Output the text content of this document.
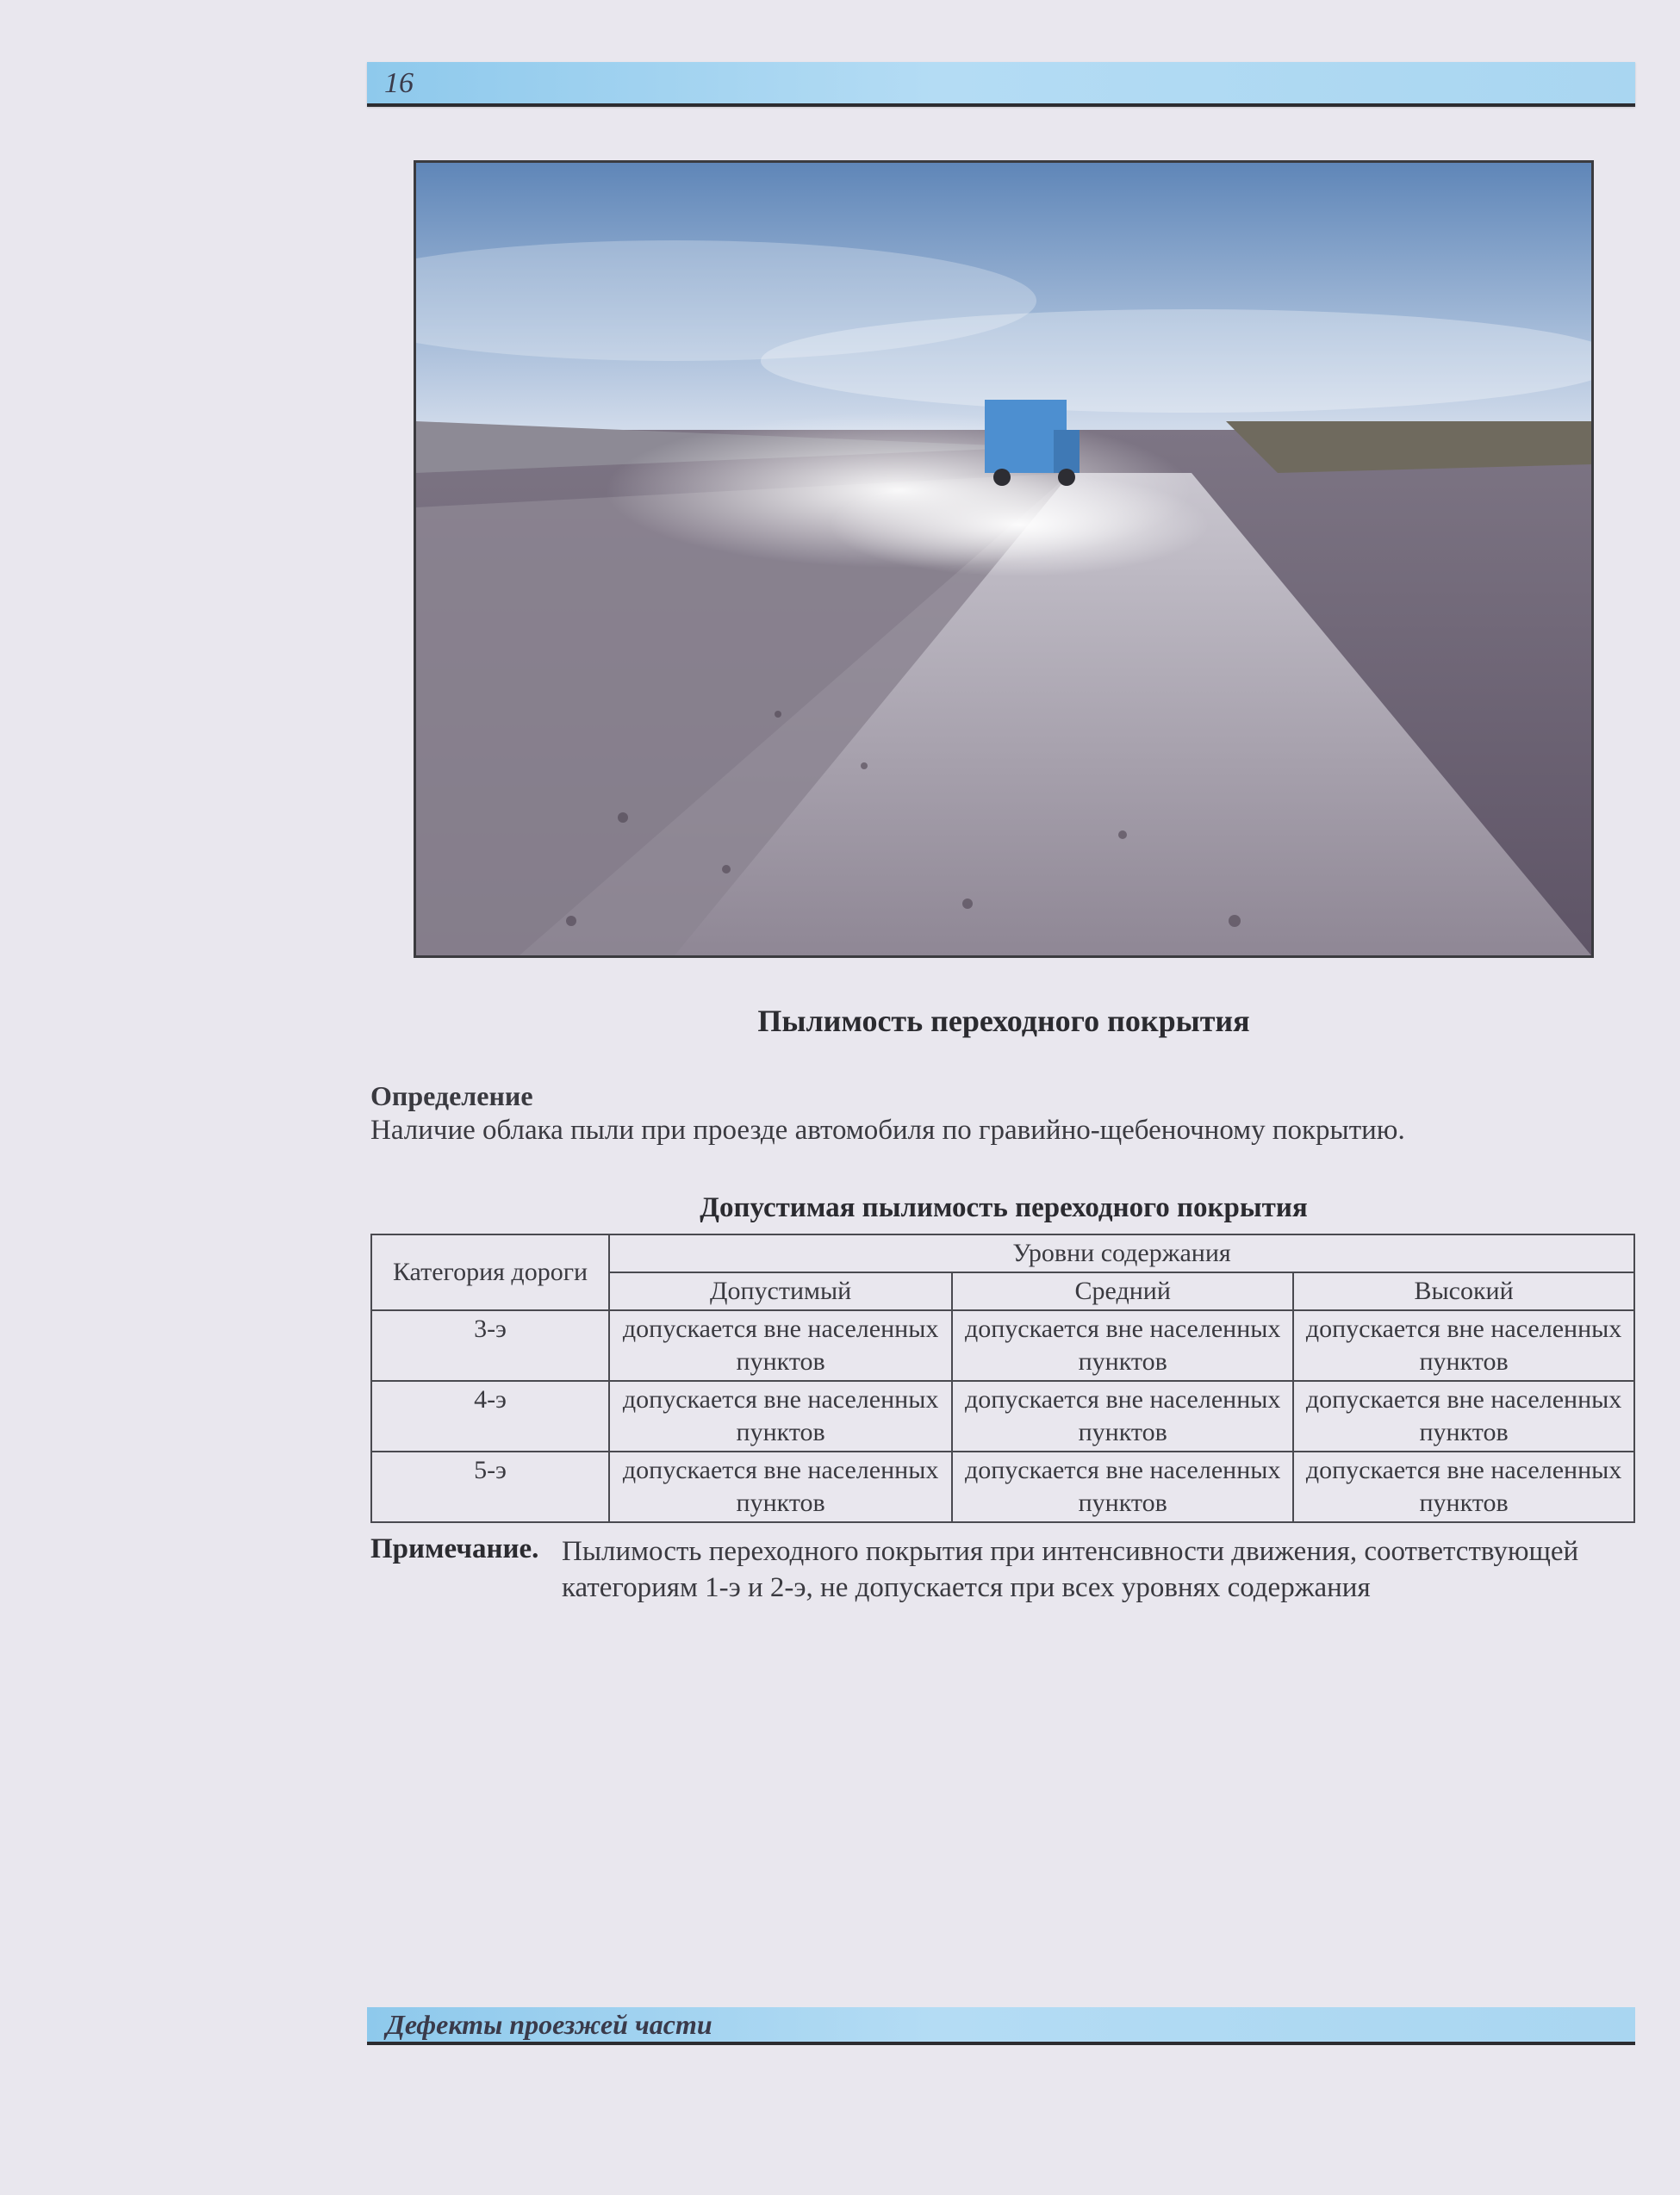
16
Пылимость переходного покрытия
Определение
Наличие облака пыли при проезде автомобиля по гравийно-щебеночному покрытию.
Допустимая пылимость переходного покрытия
Категория дороги	Уровни содержания		
	Допустимый	Средний	Высокий
3-э	допускается вне населенных пунктов	допускается вне населенных пунктов	допускается вне населенных пунктов
4-э	допускается вне населенных пунктов	допускается вне населенных пунктов	допускается вне населенных пунктов
5-э	допускается вне населенных пунктов	допускается вне населенных пунктов	допускается вне населенных пунктов
Примечание. Пылимость переходного покрытия при интенсивности движения, соответствующей категориям 1-э и 2-э, не допускается при всех уровнях содержания
Дефекты проезжей части
